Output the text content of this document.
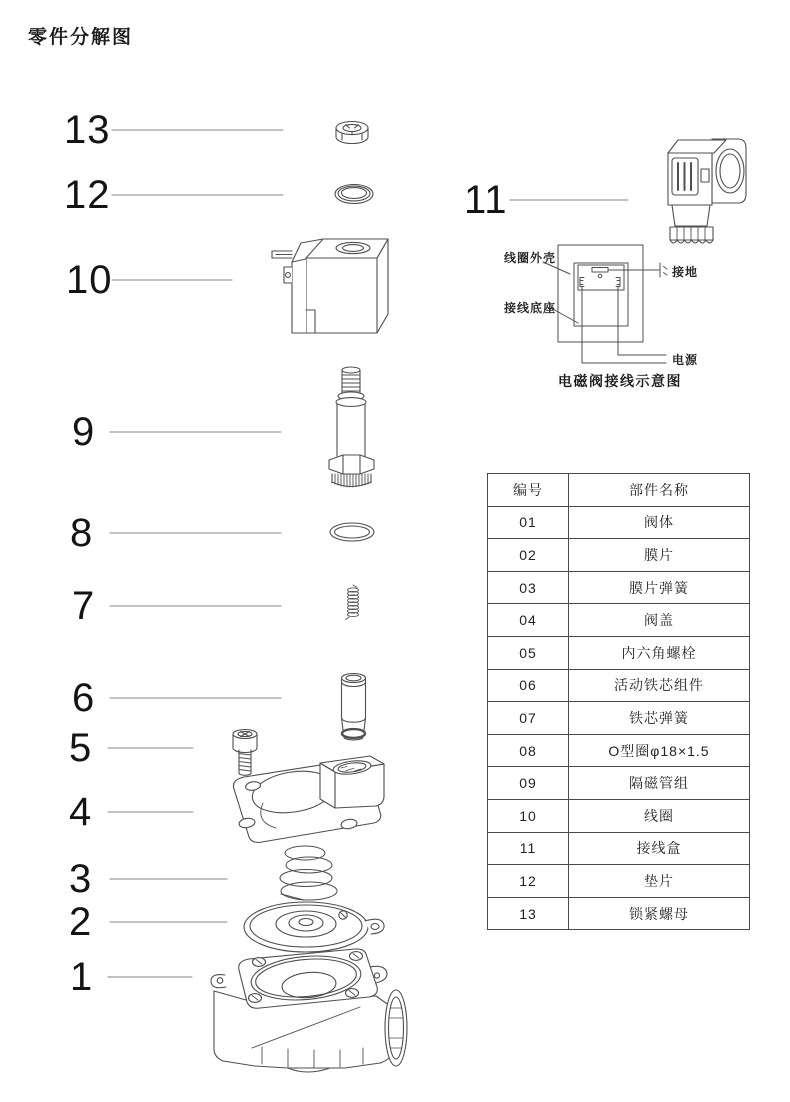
零件分解图
13
12
10
9
8
7
6
5
4
3
2
1
11
线圈外壳
接线底座
接地
电源
电磁阀接线示意图
编号	部件名称
01	阀体
02	膜片
03	膜片弹簧
04	阀盖
05	内六角螺栓
06	活动铁芯组件
07	铁芯弹簧
08	O型圈φ18×1.5
09	隔磁管组
10	线圈
11	接线盒
12	垫片
13	锁紧螺母
